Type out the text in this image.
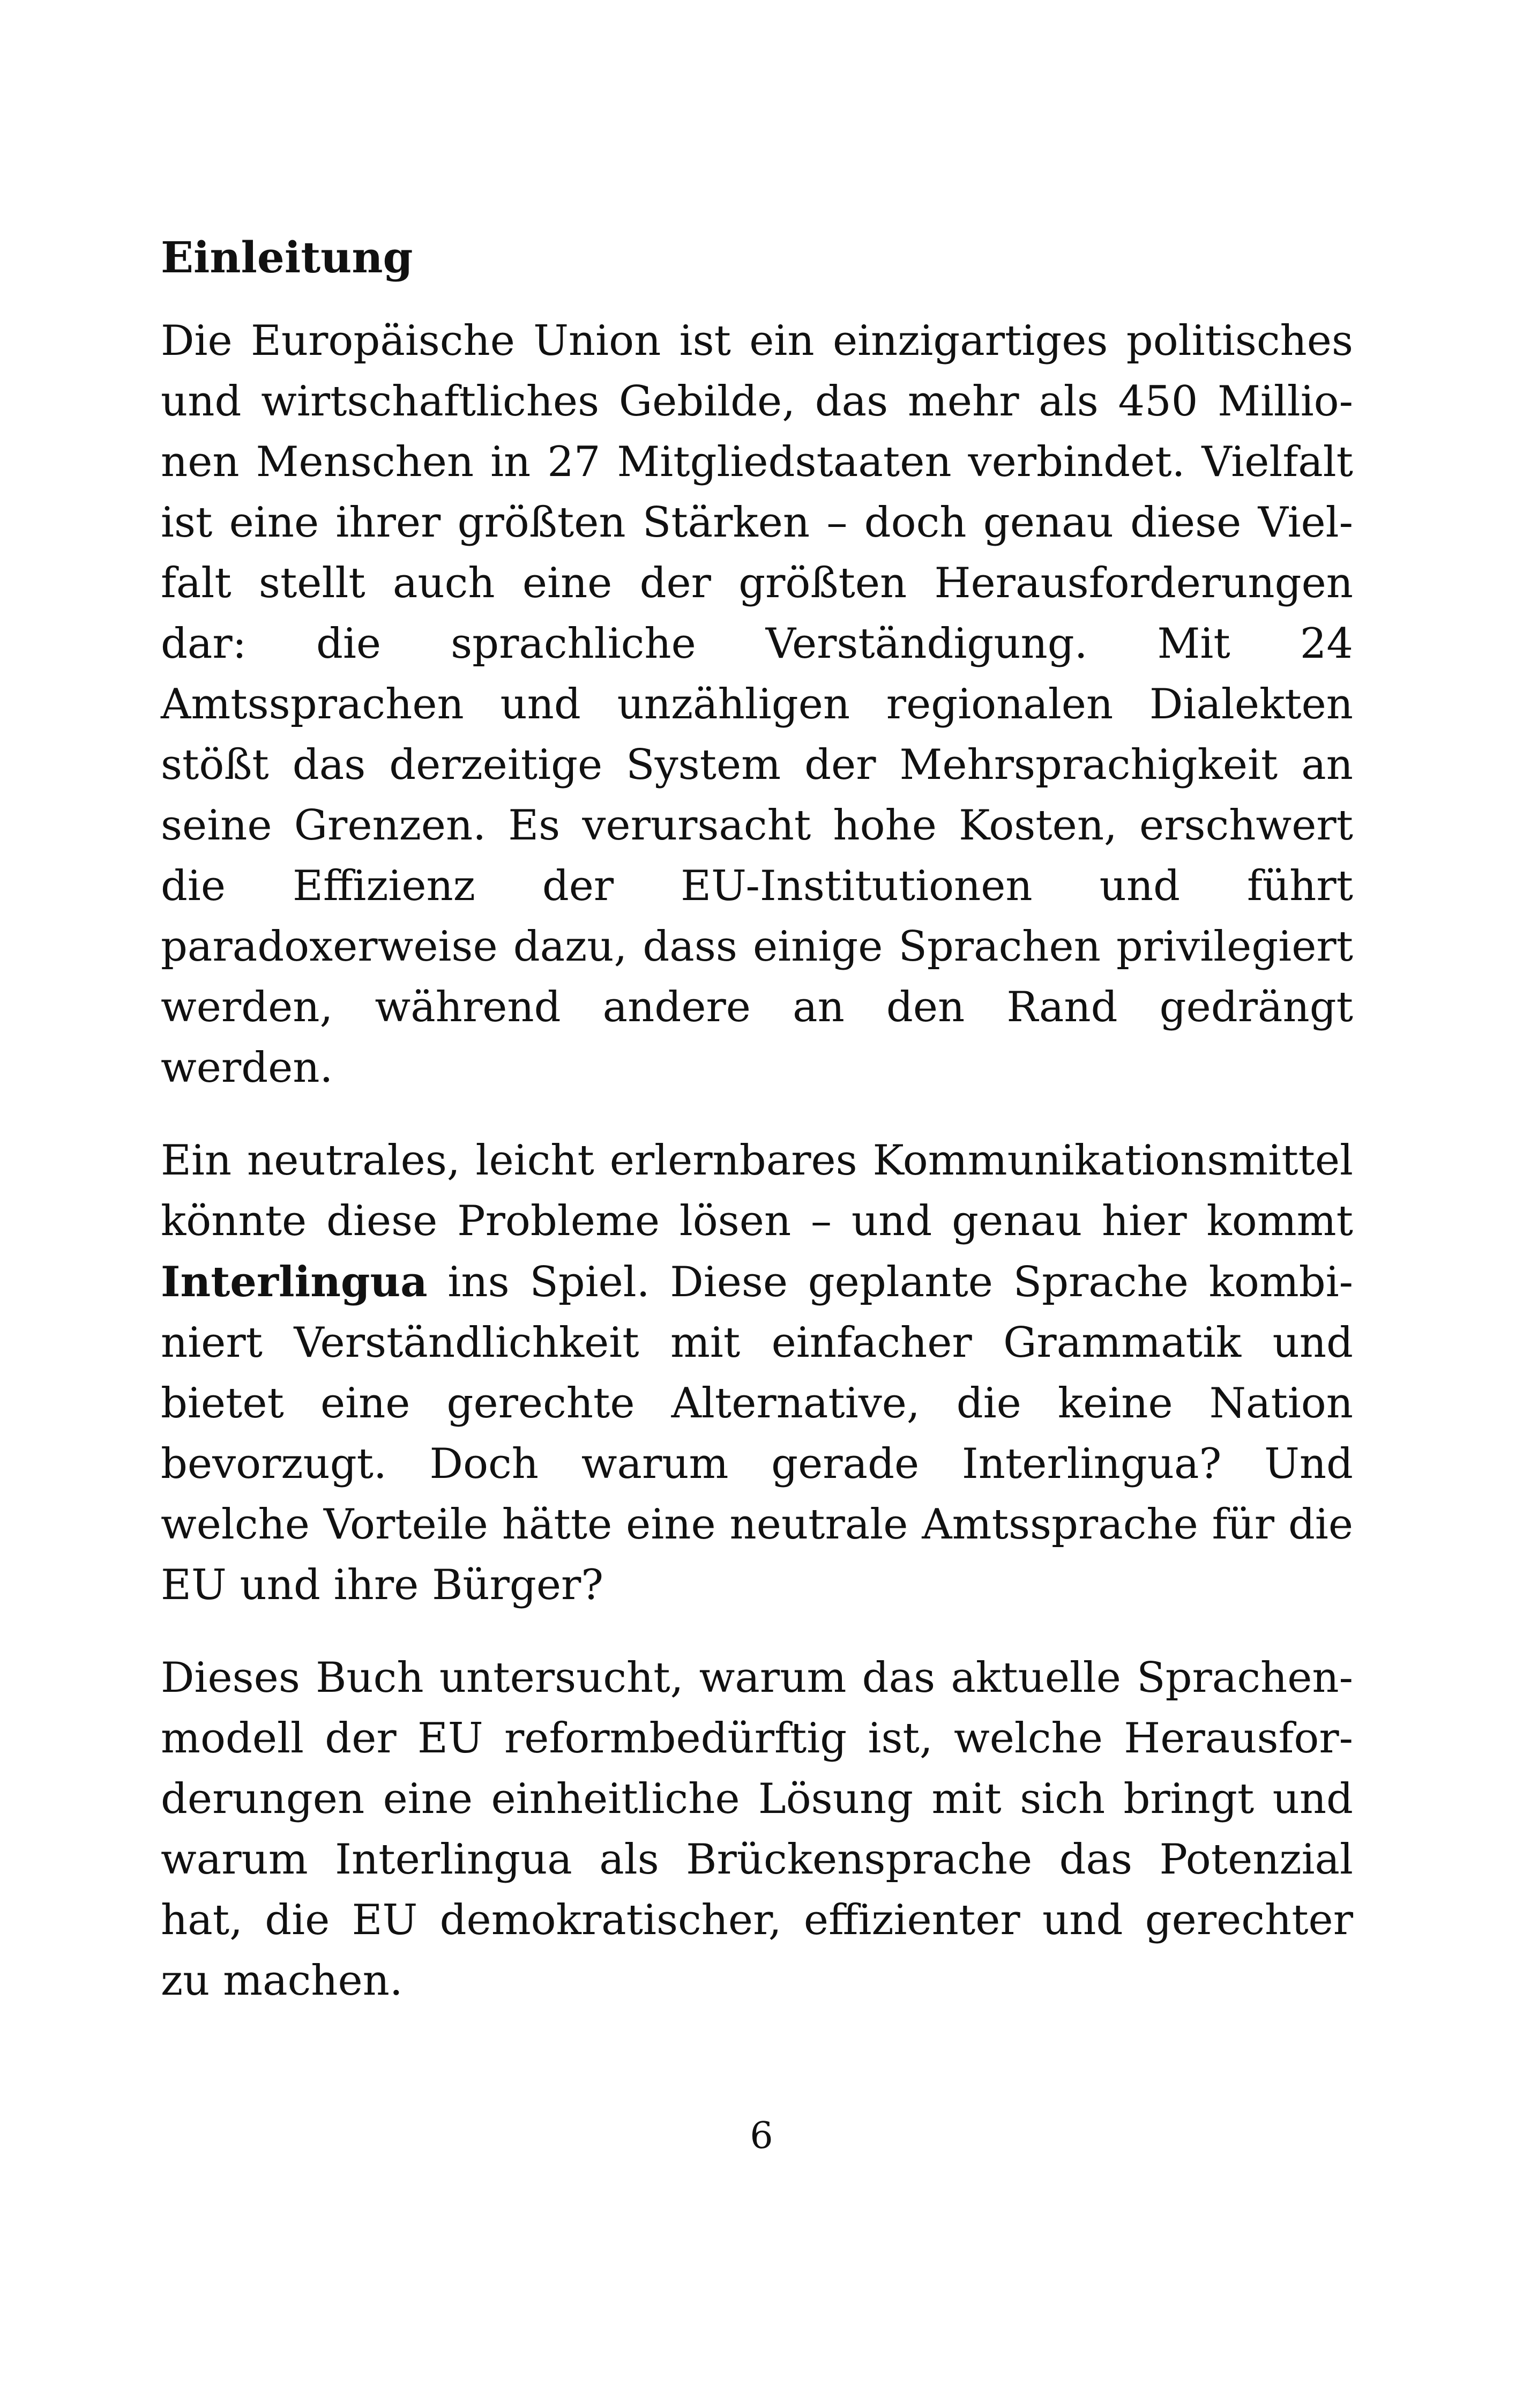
Einleitung

Die Europäische Union ist ein einzigartiges politisches und wirtschaftliches Gebilde, das mehr als 450 Millionen Menschen in 27 Mitgliedstaaten verbindet. Vielfalt ist eine ihrer größten Stärken – doch genau diese Vielfalt stellt auch eine der größten Herausforderungen dar: die sprachliche Verständigung. Mit 24 Amtssprachen und unzähligen regionalen Dialekten stößt das derzeitige System der Mehrsprachigkeit an seine Grenzen. Es verursacht hohe Kosten, erschwert die Effizienz der EU-Institutionen und führt paradoxerweise dazu, dass einige Sprachen privilegiert werden, während andere an den Rand gedrängt werden.

Ein neutrales, leicht erlernbares Kommunikationsmittel könnte diese Probleme lösen – und genau hier kommt Interlingua ins Spiel. Diese geplante Sprache kombiniert Verständlichkeit mit einfacher Grammatik und bietet eine gerechte Alternative, die keine Nation bevorzugt. Doch warum gerade Interlingua? Und welche Vorteile hätte eine neutrale Amtssprache für die EU und ihre Bürger?

Dieses Buch untersucht, warum das aktuelle Sprachenmodell der EU reformbedürftig ist, welche Herausforderungen eine einheitliche Lösung mit sich bringt und warum Interlingua als Brückensprache das Potenzial hat, die EU demokratischer, effizienter und gerechter zu machen.

6
